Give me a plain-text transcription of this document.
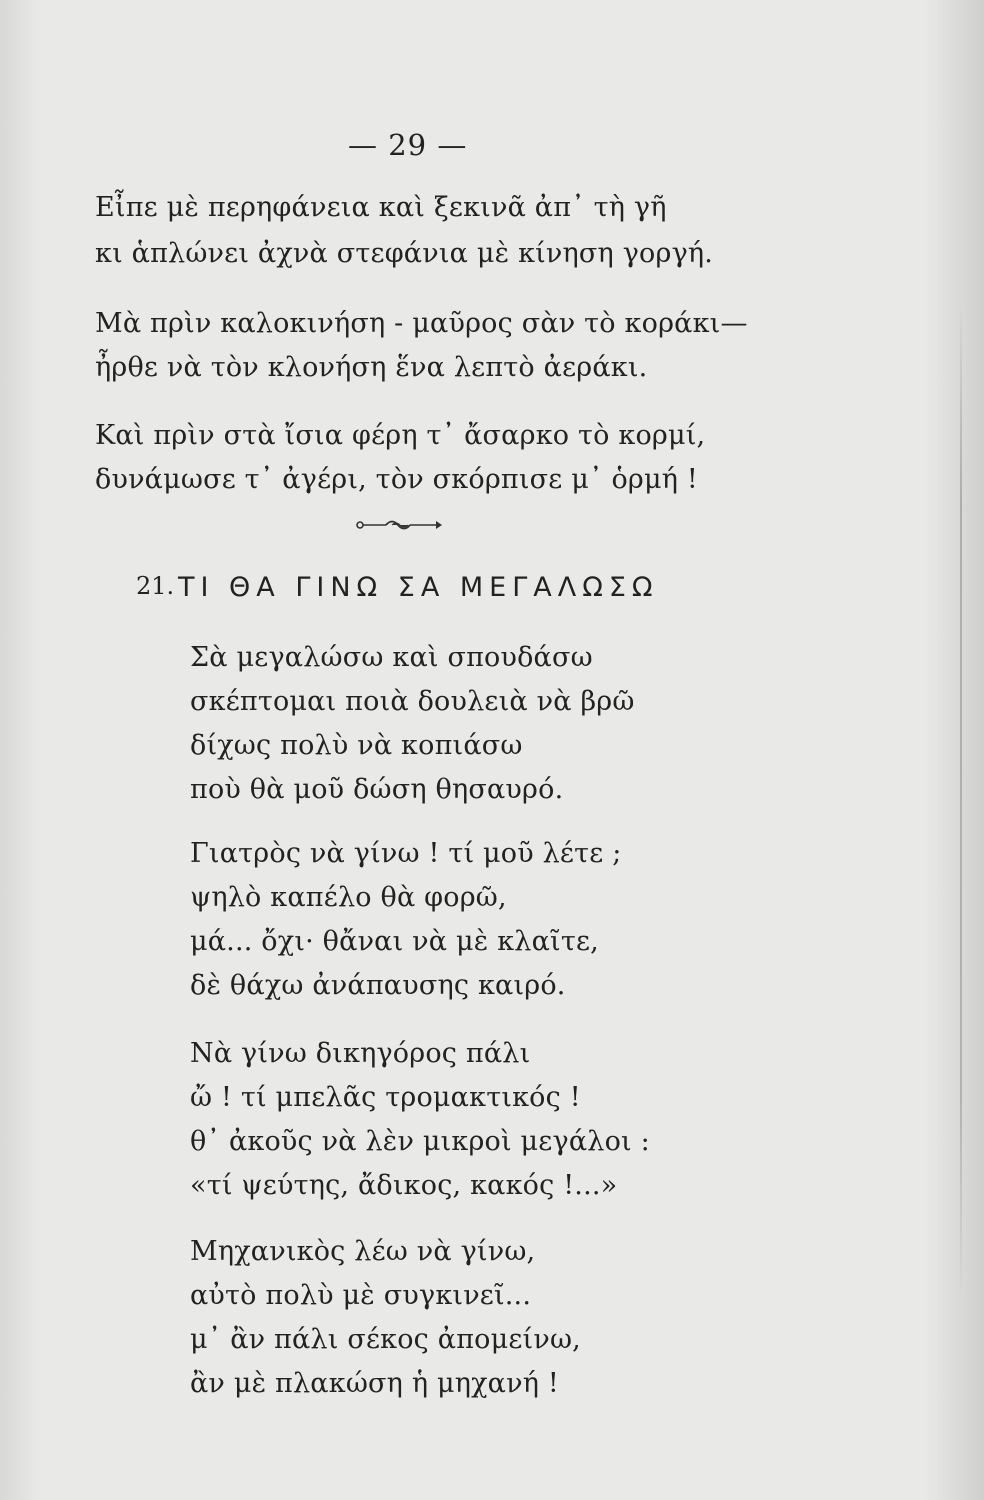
— 29 —
Εἶπε μὲ περηφάνεια καὶ ξεκινᾶ ἀπ᾽ τὴ γῆ
κι ἁπλώνει ἀχνὰ στεφάνια μὲ κίνηση γοργή.
Μὰ πρὶν καλοκινήση - μαῦρος σὰν τὸ κοράκι—
ἦρθε νὰ τὸν κλονήση ἕνα λεπτὸ ἀεράκι.
Καὶ πρὶν στὰ ἴσια φέρη τ᾽ ἄσαρκο τὸ κορμί,
δυνάμωσε τ᾽ ἀγέρι, τὸν σκόρπισε μ᾽ ὁρμή !
21. ΤΙ ΘΑ ΓΙΝΩ ΣΑ ΜΕΓΑΛΩΣΩ
Σὰ μεγαλώσω καὶ σπουδάσω
σκέπτομαι ποιὰ δουλειὰ νὰ βρῶ
δίχως πολὺ νὰ κοπιάσω
ποὺ θὰ μοῦ δώση θησαυρό.
Γιατρὸς νὰ γίνω ! τί μοῦ λέτε ;
ψηλὸ καπέλο θὰ φορῶ,
μά... ὄχι· θἄναι νὰ μὲ κλαῖτε,
δὲ θάχω ἀνάπαυσης καιρό.
Νὰ γίνω δικηγόρος πάλι
ὤ ! τί μπελᾶς τρομακτικός !
θ᾽ ἀκοῦς νὰ λὲν μικροὶ μεγάλοι :
«τί ψεύτης, ἄδικος, κακός !...»
Μηχανικὸς λέω νὰ γίνω,
αὐτὸ πολὺ μὲ συγκινεῖ...
μ᾽ ἂν πάλι σέκος ἀπομείνω,
ἂν μὲ πλακώση ἡ μηχανή !
